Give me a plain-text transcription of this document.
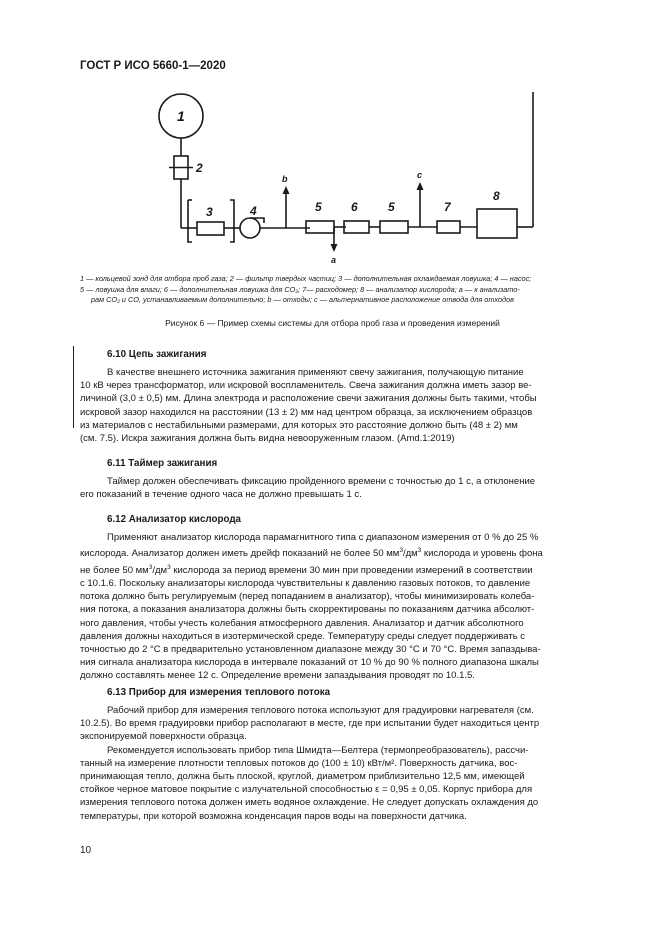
ГОСТ Р ИСО 5660-1—2020
1
2
3	4	5 6	5	7
8
b
a
c
1 — кольцевой зонд для отбора проб газа; 2 — фильтр твердых частиц; 3 — дополнительная охлаждаемая ловушка; 4 — насос;
5 — ловушка для влаги; 6 — дополнительная ловушка для CO₂; 7— расходомер; 8 — анализатор кислорода; a — к анализато-
рам CO₂ и CO, устанавливаемым дополнительно; b — отходы; c — альтернативное расположение отвода для отходов
Рисунок 6 — Пример схемы системы для отбора проб газа и проведения измерений
6.10 Цепь зажигания
В качестве внешнего источника зажигания применяют свечу зажигания, получающую питание
10 кВ через трансформатор, или искровой воспламенитель. Свеча зажигания должна иметь зазор ве-
личиной (3,0 ± 0,5) мм. Длина электрода и расположение свечи зажигания должны быть такими, чтобы
искровой зазор находился на расстоянии (13 ± 2) мм над центром образца, за исключением образцов
из материалов с нестабильными размерами, для которых это расстояние должно быть (48 ± 2) мм
(см. 7.5). Искра зажигания должна быть видна невооруженным глазом. (Amd.1:2019)
6.11 Таймер зажигания
Таймер должен обеспечивать фиксацию пройденного времени с точностью до 1 с, а отклонение
его показаний в течение одного часа не должно превышать 1 с.
6.12 Анализатор кислорода
Применяют анализатор кислорода парамагнитного типа с диапазоном измерения от 0 % до 25 %
кислорода. Анализатор должен иметь дрейф показаний не более 50 $мм^3/дм^3$ кислорода и уровень фона
не более 50 $мм^3/дм^3$ кислорода за период времени 30 мин при проведении измерений в соответствии
с 10.1.6. Поскольку анализаторы кислорода чувствительны к давлению газовых потоков, то давление
потока должно быть регулируемым (перед попаданием в анализатор), чтобы минимизировать колеба-
ния потока, а показания анализатора должны быть скорректированы по показаниям датчика абсолют-
ного давления, чтобы учесть колебания атмосферного давления. Анализатор и датчик абсолютного
давления должны находиться в изотермической среде. Температуру среды следует поддерживать с
точностью до 2 °С в предварительно установленном диапазоне между 30 °С и 70 °С. Время запаздыва-
ния сигнала анализатора кислорода в интервале показаний от 10 % до 90 % полного диапазона шкалы
должно составлять менее 12 с. Определение времени запаздывания проводят по 10.1.5.
6.13 Прибор для измерения теплового потока
Рабочий прибор для измерения теплового потока используют для градуировки нагревателя (см.
10.2.5). Во время градуировки прибор располагают в месте, где при испытании будет находиться центр
экспонируемой поверхности образца.
Рекомендуется использовать прибор типа Шмидта—Белтера (термопреобразователь), рассчи-
танный на измерение плотности тепловых потоков до (100 ± 10) кВт/м². Поверхность датчика, вос-
принимающая тепло, должна быть плоской, круглой, диаметром приблизительно 12,5 мм, имеющей
стойкое черное матовое покрытие с излучательной способностью ε = 0,95 ± 0,05. Корпус прибора для
измерения теплового потока должен иметь водяное охлаждение. Не следует допускать охлаждения до
температуры, при которой возможна конденсация паров воды на поверхности датчика.
10
